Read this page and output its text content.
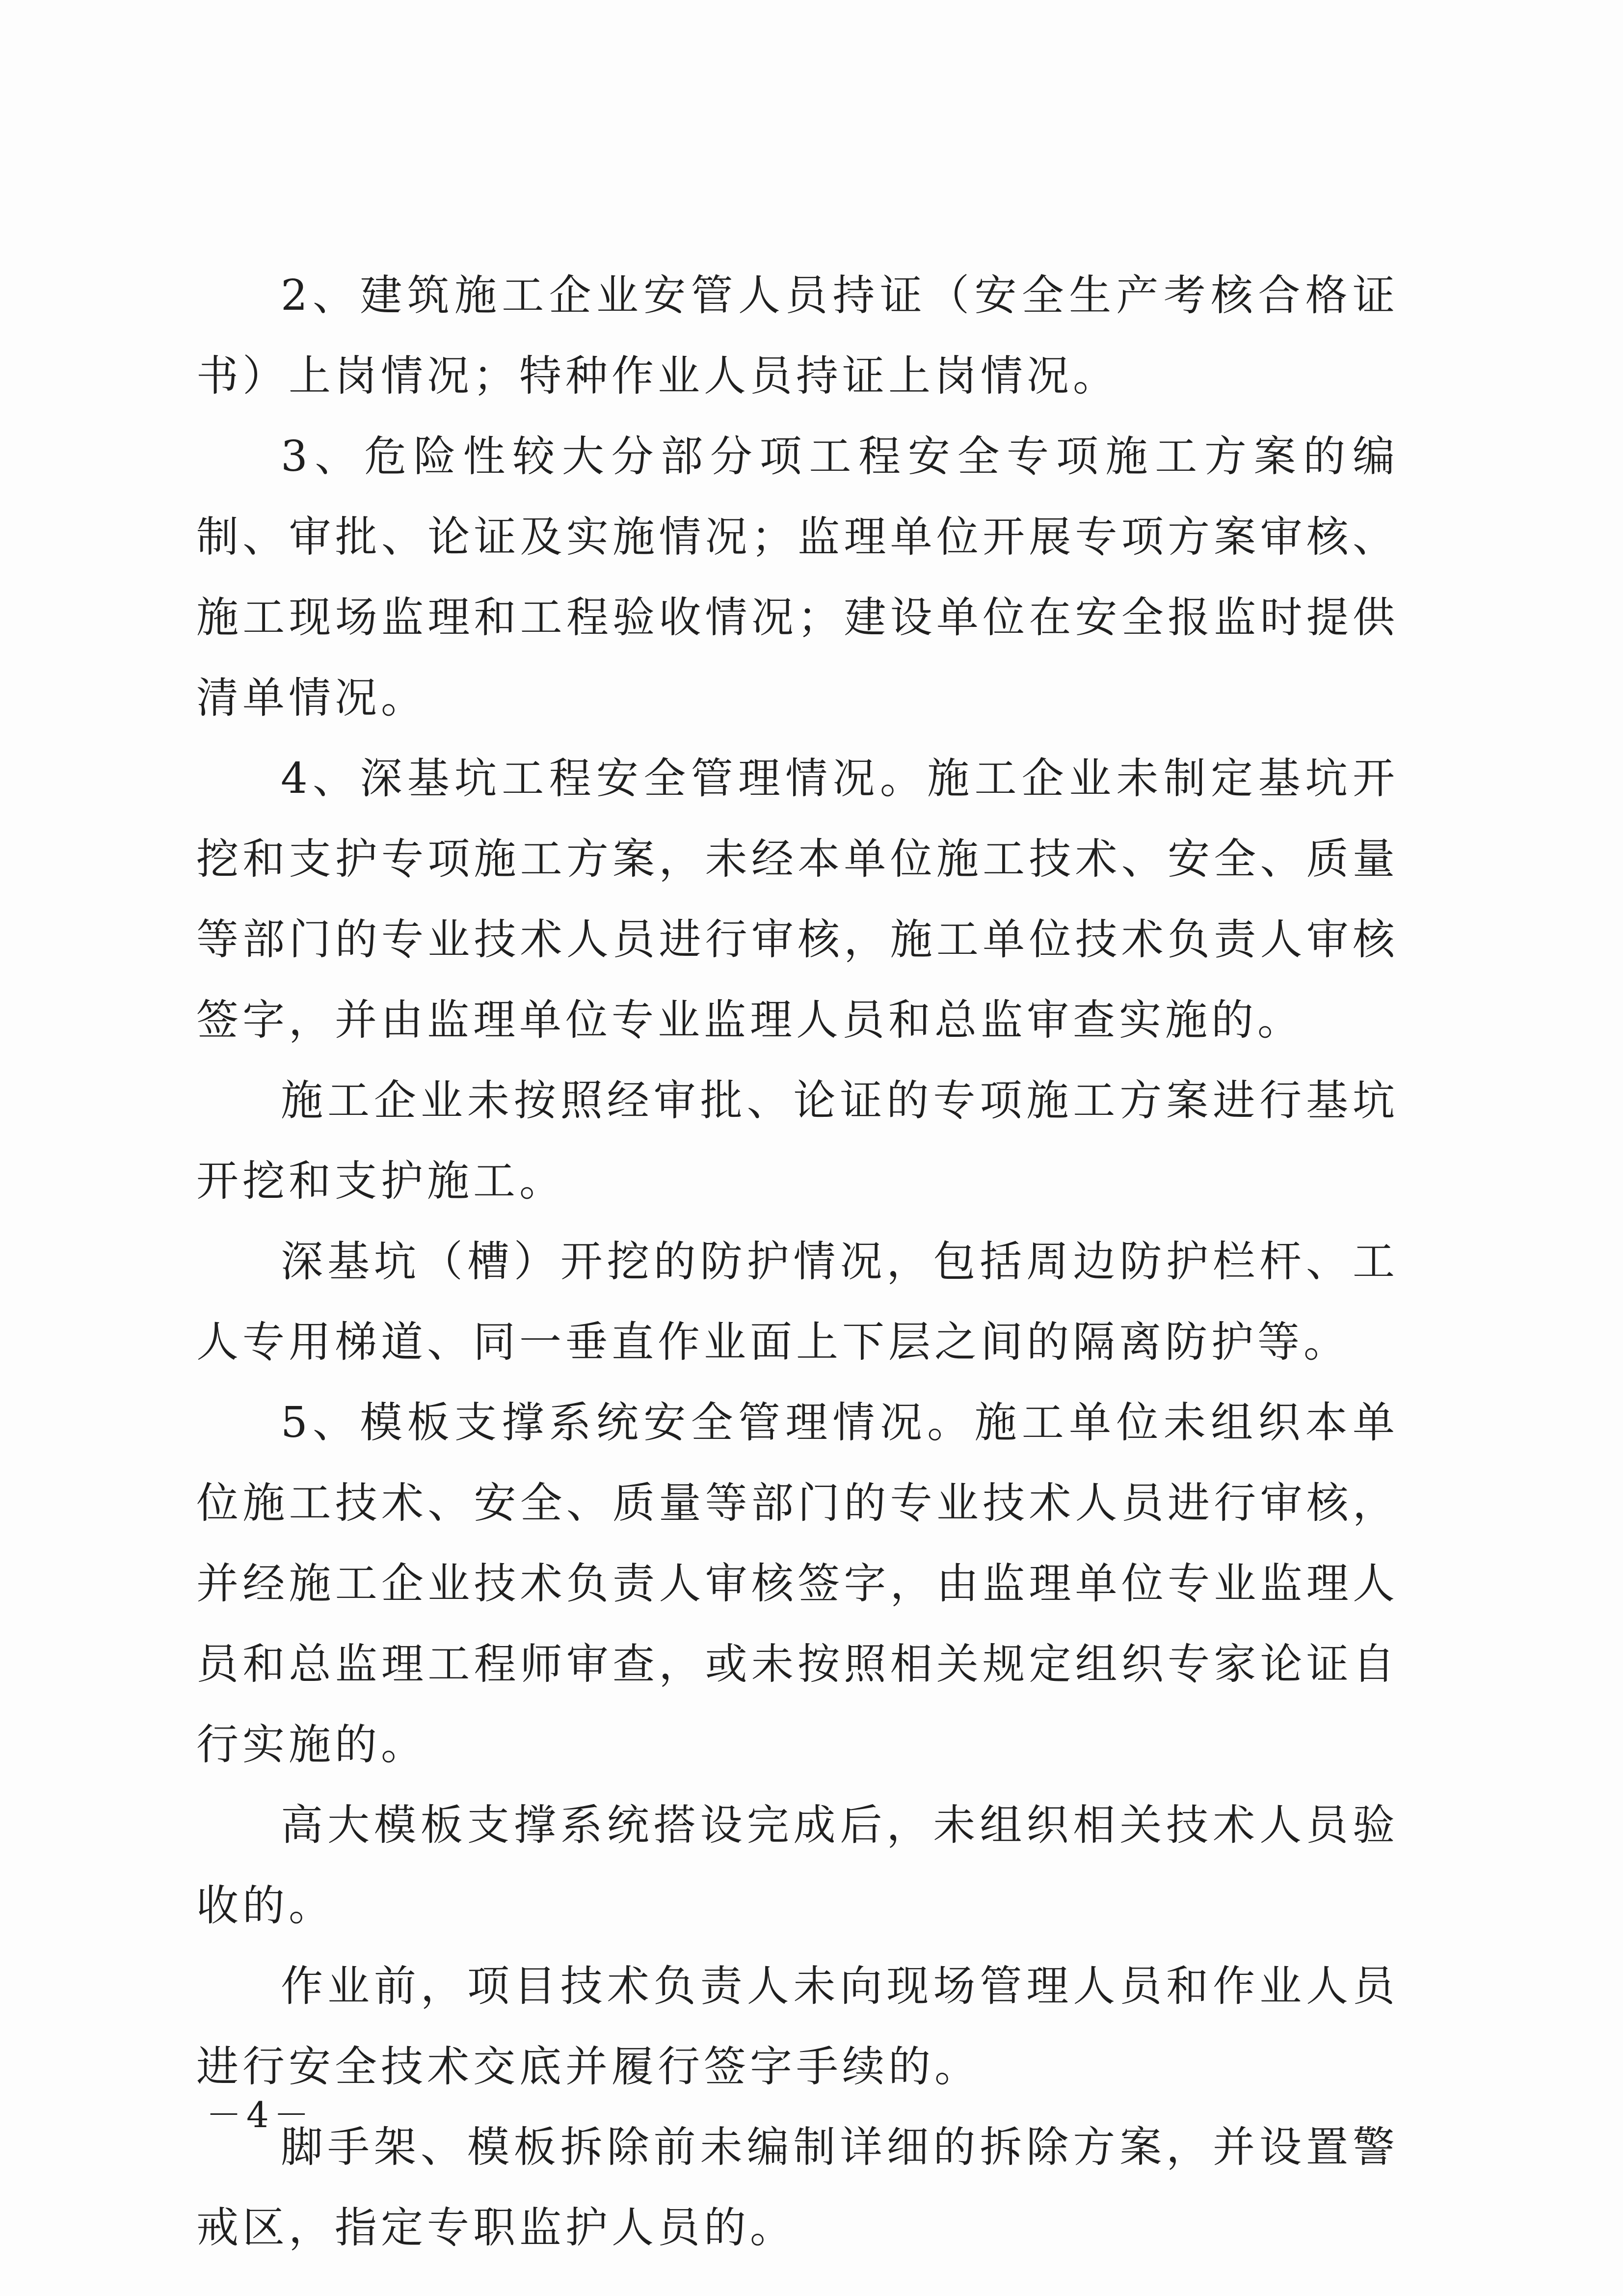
2、建筑施工企业安管人员持证（安全生产考核合格证书）上岗情况；特种作业人员持证上岗情况。

3、危险性较大分部分项工程安全专项施工方案的编制、审批、论证及实施情况；监理单位开展专项方案审核、施工现场监理和工程验收情况；建设单位在安全报监时提供清单情况。

4、深基坑工程安全管理情况。施工企业未制定基坑开挖和支护专项施工方案，未经本单位施工技术、安全、质量等部门的专业技术人员进行审核，施工单位技术负责人审核签字，并由监理单位专业监理人员和总监审查实施的。

施工企业未按照经审批、论证的专项施工方案进行基坑开挖和支护施工。

深基坑（槽）开挖的防护情况，包括周边防护栏杆、工人专用梯道、同一垂直作业面上下层之间的隔离防护等。

5、模板支撑系统安全管理情况。施工单位未组织本单位施工技术、安全、质量等部门的专业技术人员进行审核，并经施工企业技术负责人审核签字，由监理单位专业监理人员和总监理工程师审查，或未按照相关规定组织专家论证自行实施的。

高大模板支撑系统搭设完成后，未组织相关技术人员验收的。

作业前，项目技术负责人未向现场管理人员和作业人员进行安全技术交底并履行签字手续的。

脚手架、模板拆除前未编制详细的拆除方案，并设置警戒区，指定专职监护人员的。

－4－
